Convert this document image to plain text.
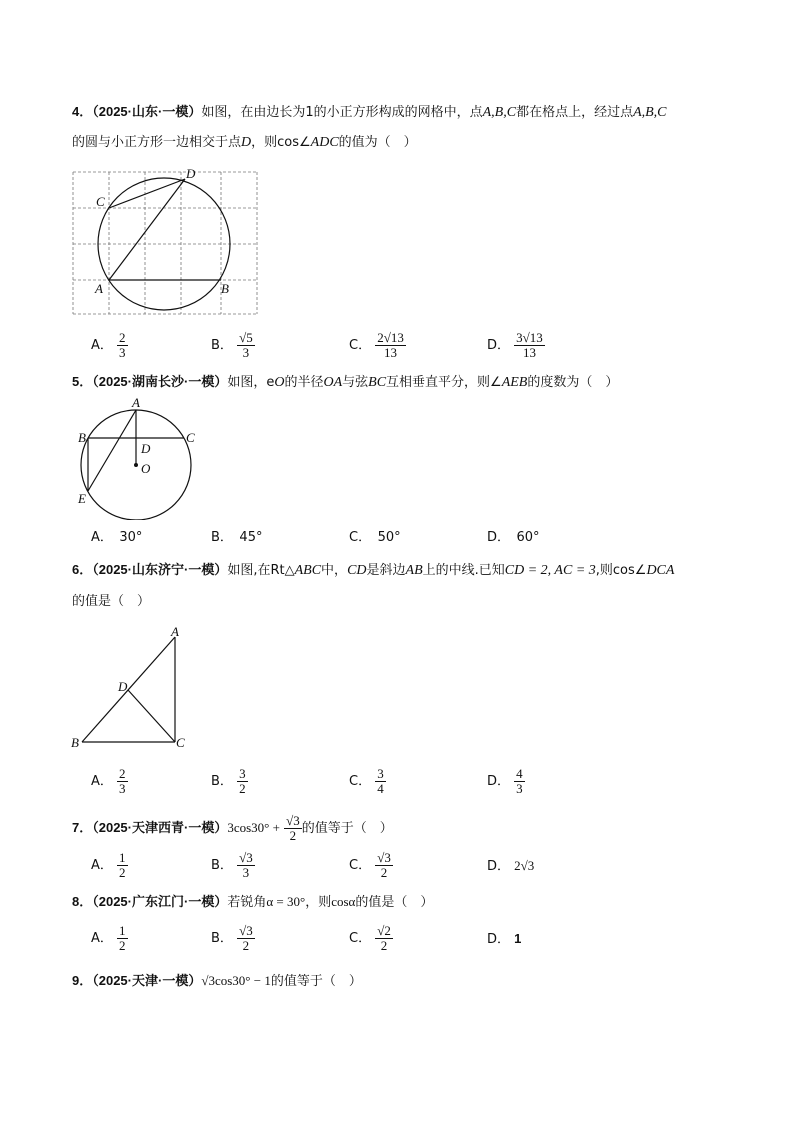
4．（2025·山东·一模）如图，在由边长为1的小正方形构成的网格中，点A,B,C都在格点上，经过点A,B,C
的圆与小正方形一边相交于点D，则cos∠ADC的值为（　）
C
D
A	B
A． $\frac{2}{3}$	B． $\frac{√5}{3}$	C． $\frac{2√13}{13}$	D． $\frac{3√13}{13}$
5．（2025·湖南长沙·一模）如图，eO的半径OA与弦BC互相垂直平分，则∠AEB的度数为（　）
A
B	C
D
O
E
A．　30°	B．　45°	C．　50°	D．　60°
6．（2025·山东济宁·一模）如图,在Rt△ABC中，CD是斜边AB上的中线.已知CD = 2, AC = 3,则cos∠DCA
的值是（　）
A
D
B	C
A． $\frac{2}{3}$	B． $\frac{3}{2}$	C． $\frac{3}{4}$	D． $\frac{4}{3}$
7．（2025·天津西青·一模）$3\cos 30^\circ + \frac{√3}{2}$ 的值等于（　）
A． $\frac{1}{2}$	B． $\frac{√3}{3}$	C． $\frac{√3}{2}$	D． 2√3
8．（2025·广东江门·一模）若锐角α = 30°，则cosα的值是（　）
A． $\frac{1}{2}$	B． $\frac{√3}{2}$	C． $\frac{√2}{2}$	D． 1
9．（2025·天津·一模）√3cos30° − 1的值等于（　）
